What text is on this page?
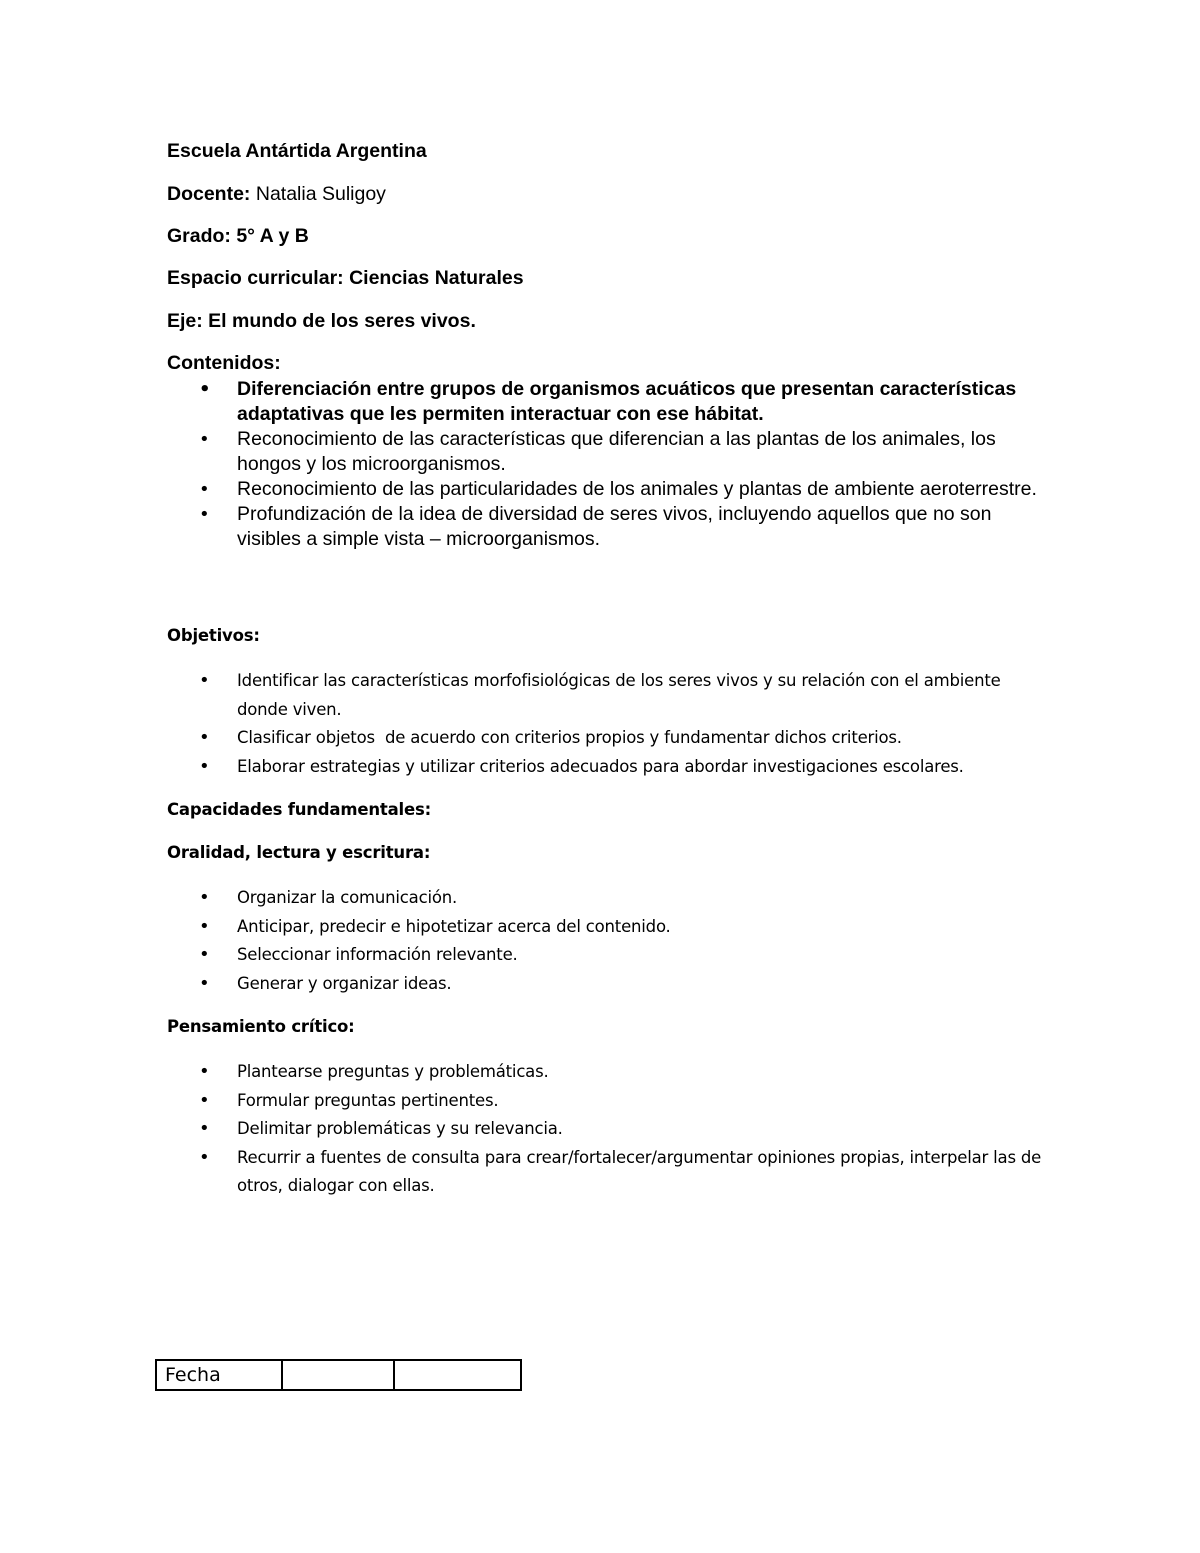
Escuela Antártida Argentina
Docente: Natalia Suligoy
Grado: 5° A y B
Espacio curricular: Ciencias Naturales
Eje: El mundo de los seres vivos.
Contenidos:
• Diferenciación entre grupos de organismos acuáticos que presentan características adaptativas que les permiten interactuar con ese hábitat.
• Reconocimiento de las características que diferencian a las plantas de los animales, los hongos y los microorganismos.
• Reconocimiento de las particularidades de los animales y plantas de ambiente aeroterrestre.
• Profundización de la idea de diversidad de seres vivos, incluyendo aquellos que no son visibles a simple vista – microorganismos.
Objetivos:
• Identificar las características morfofisiológicas de los seres vivos y su relación con el ambiente donde viven.
• Clasificar objetos  de acuerdo con criterios propios y fundamentar dichos criterios.
• Elaborar estrategias y utilizar criterios adecuados para abordar investigaciones escolares.
Capacidades fundamentales:
Oralidad, lectura y escritura:
• Organizar la comunicación.
• Anticipar, predecir e hipotetizar acerca del contenido.
• Seleccionar información relevante.
• Generar y organizar ideas.
Pensamiento crítico:
• Plantearse preguntas y problemáticas.
• Formular preguntas pertinentes.
• Delimitar problemáticas y su relevancia.
• Recurrir a fuentes de consulta para crear/fortalecer/argumentar opiniones propias, interpelar las de otros, dialogar con ellas.
Fecha		
